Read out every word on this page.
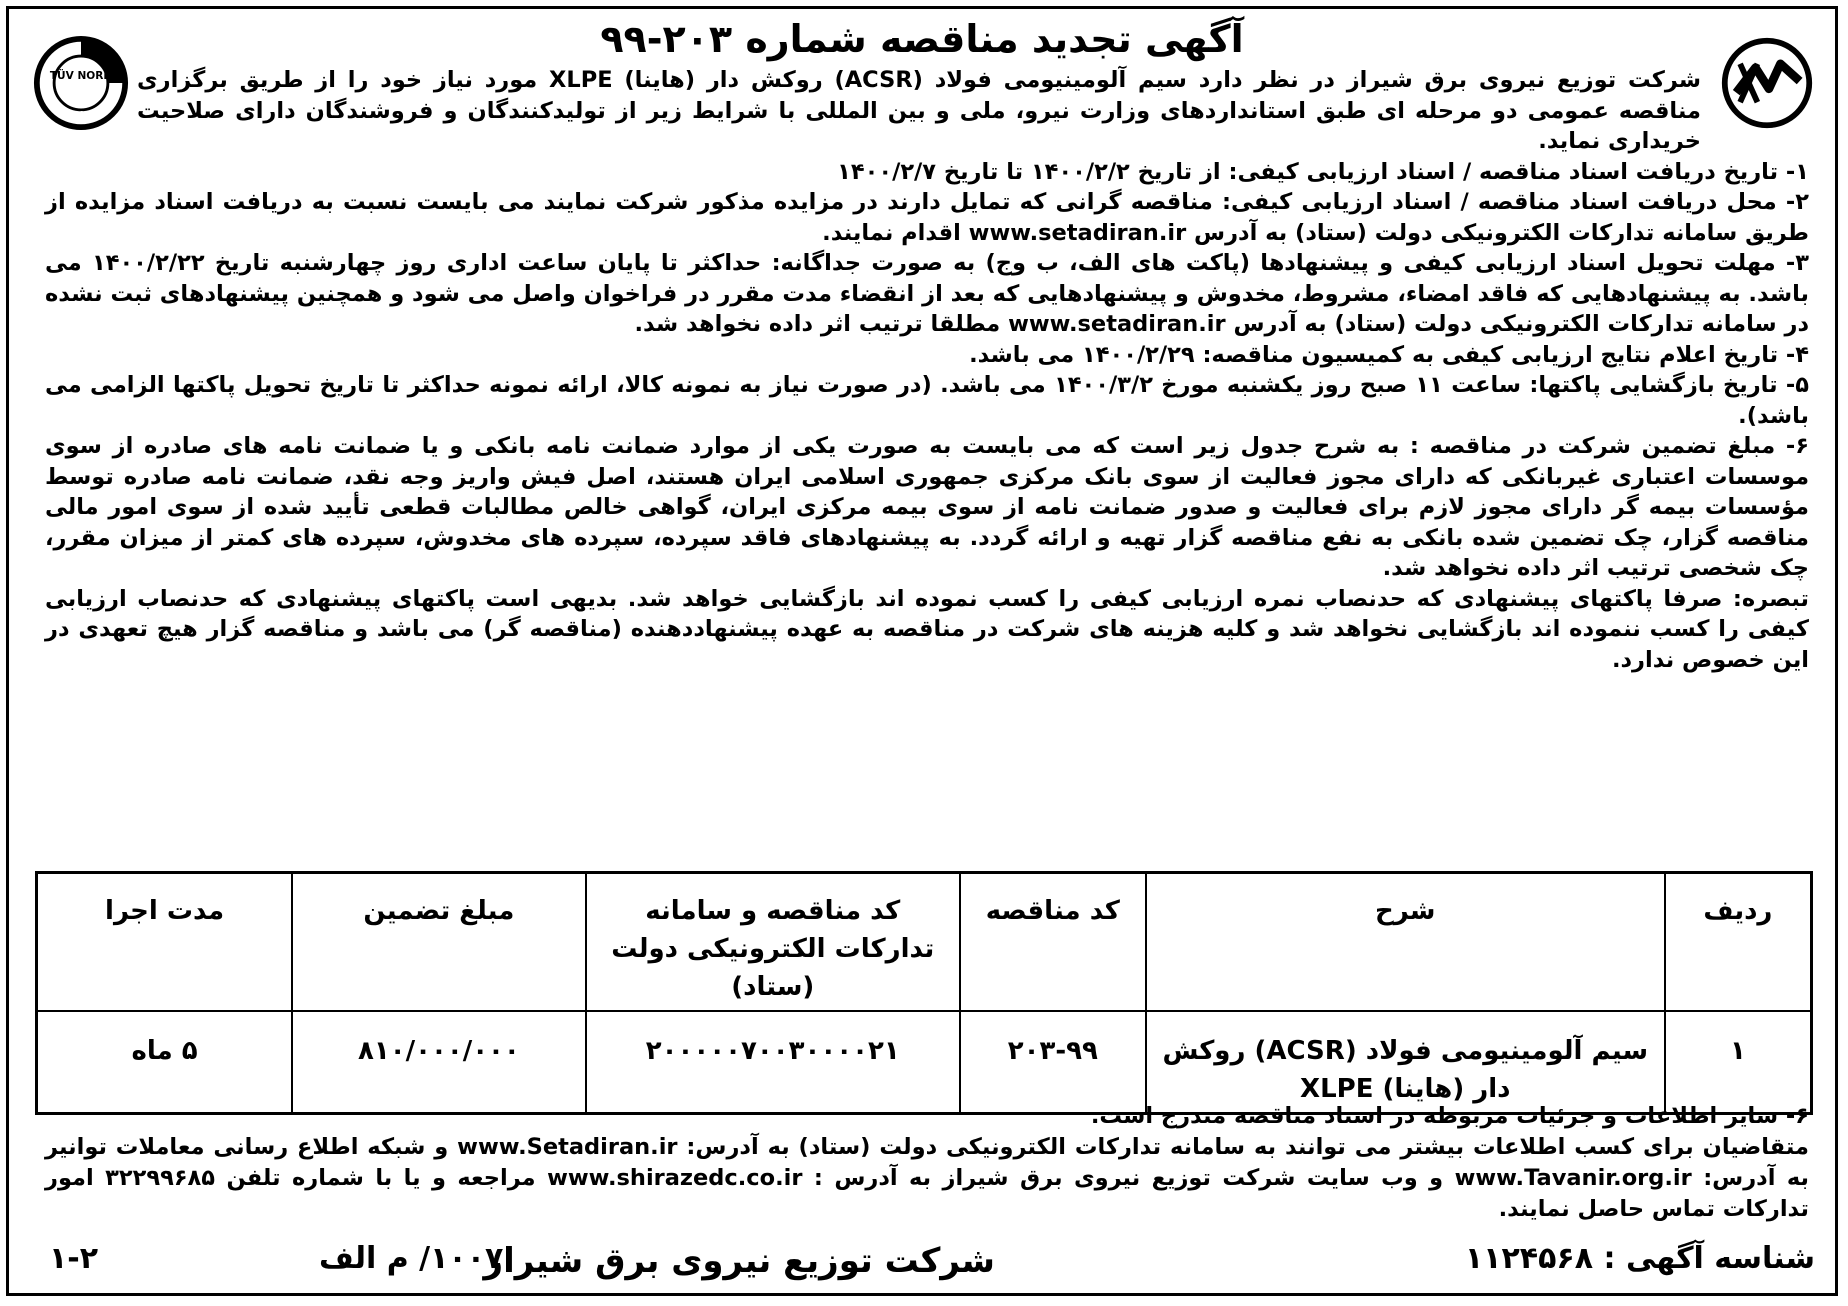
TÜV NORD
ISO 9001
آگهی تجدید مناقصه شماره ۲۰۳-۹۹

شرکت توزیع نیروی برق شیراز در نظر دارد سیم آلومینیومی فولاد (ACSR) روکش دار (هاینا) XLPE مورد نیاز خود را از طریق برگزاری مناقصه عمومی دو مرحله ای طبق استانداردهای وزارت نیرو، ملی و بین المللی با شرایط زیر از تولیدکنندگان و فروشندگان دارای صلاحیت خریداری نماید.

۱- تاریخ دریافت اسناد مناقصه / اسناد ارزیابی کیفی: از تاریخ ۱۴۰۰/۲/۲ تا تاریخ ۱۴۰۰/۲/۷

۲- محل دریافت اسناد مناقصه / اسناد ارزیابی کیفی: مناقصه گرانی که تمایل دارند در مزایده مذکور شرکت نمایند می بایست نسبت به دریافت اسناد مزایده از طریق سامانه تدارکات الکترونیکی دولت (ستاد) به آدرس www.setadiran.ir اقدام نمایند.

۳- مهلت تحویل اسناد ارزیابی کیفی و پیشنهادها (پاکت های الف، ب وج) به صورت جداگانه: حداکثر تا پایان ساعت اداری روز چهارشنبه تاریخ ۱۴۰۰/۲/۲۲ می باشد. به پیشنهادهایی که فاقد امضاء، مشروط، مخدوش و پیشنهادهایی که بعد از انقضاء مدت مقرر در فراخوان واصل می شود و همچنین پیشنهادهای ثبت نشده در سامانه تدارکات الکترونیکی دولت (ستاد) به آدرس www.setadiran.ir مطلقا ترتیب اثر داده نخواهد شد.

۴- تاریخ اعلام نتایج ارزیابی کیفی به کمیسیون مناقصه: ۱۴۰۰/۲/۲۹ می باشد.

۵- تاریخ بازگشایی پاکتها: ساعت ۱۱ صبح روز یکشنبه مورخ ۱۴۰۰/۳/۲ می باشد. (در صورت نیاز به نمونه کالا، ارائه نمونه حداکثر تا تاریخ تحویل پاکتها الزامی می باشد).

۶- مبلغ تضمین شرکت در مناقصه : به شرح جدول زیر است که می بایست به صورت یکی از موارد ضمانت نامه بانکی و یا ضمانت نامه های صادره از سوی موسسات اعتباری غیربانکی که دارای مجوز فعالیت از سوی بانک مرکزی جمهوری اسلامی ایران هستند، اصل فیش واریز وجه نقد، ضمانت نامه صادره توسط مؤسسات بیمه گر دارای مجوز لازم برای فعالیت و صدور ضمانت نامه از سوی بیمه مرکزی ایران، گواهی خالص مطالبات قطعی تأیید شده از سوی امور مالی مناقصه گزار، چک تضمین شده بانکی به نفع مناقصه گزار تهیه و ارائه گردد. به پیشنهادهای فاقد سپرده، سپرده های مخدوش، سپرده های کمتر از میزان مقرر، چک شخصی ترتیب اثر داده نخواهد شد.

تبصره: صرفا پاکتهای پیشنهادی که حدنصاب نمره ارزیابی کیفی را کسب نموده اند بازگشایی خواهد شد. بدیهی است پاکتهای پیشنهادی که حدنصاب ارزیابی کیفی را کسب ننموده اند بازگشایی نخواهد شد و کلیه هزینه های شرکت در مناقصه به عهده پیشنهاددهنده (مناقصه گر) می باشد و مناقصه گزار هیچ تعهدی در این خصوص ندارد.

ردیف	شرح	کد مناقصه	کد مناقصه و سامانه تدارکات الکترونیکی دولت (ستاد)	مبلغ تضمین	مدت اجرا
۱	سیم آلومینیومی فولاد (ACSR) روکش دار (هاینا) XLPE	۲۰۳-۹۹	۲۰۰۰۰۰۷۰۰۳۰۰۰۰۲۱	۸۱۰/۰۰۰/۰۰۰	۵ ماه

۶- سایر اطلاعات و جزئیات مربوطه در اسناد مناقصه مندرج است.

متقاضیان برای کسب اطلاعات بیشتر می توانند به سامانه تدارکات الکترونیکی دولت (ستاد) به آدرس: www.Setadiran.ir و شبکه اطلاع رسانی معاملات توانیر به آدرس: www.Tavanir.org.ir و وب سایت شرکت توزیع نیروی برق شیراز به آدرس : www.shirazedc.co.ir مراجعه و یا با شماره تلفن ۳۲۲۹۹۶۸۵ امور تدارکات تماس حاصل نمایند.

شناسه آگهی : ۱۱۲۴۵۶۸
شرکت توزیع نیروی برق شیراز
۱۰۰۷/ م الف
۱-۲
